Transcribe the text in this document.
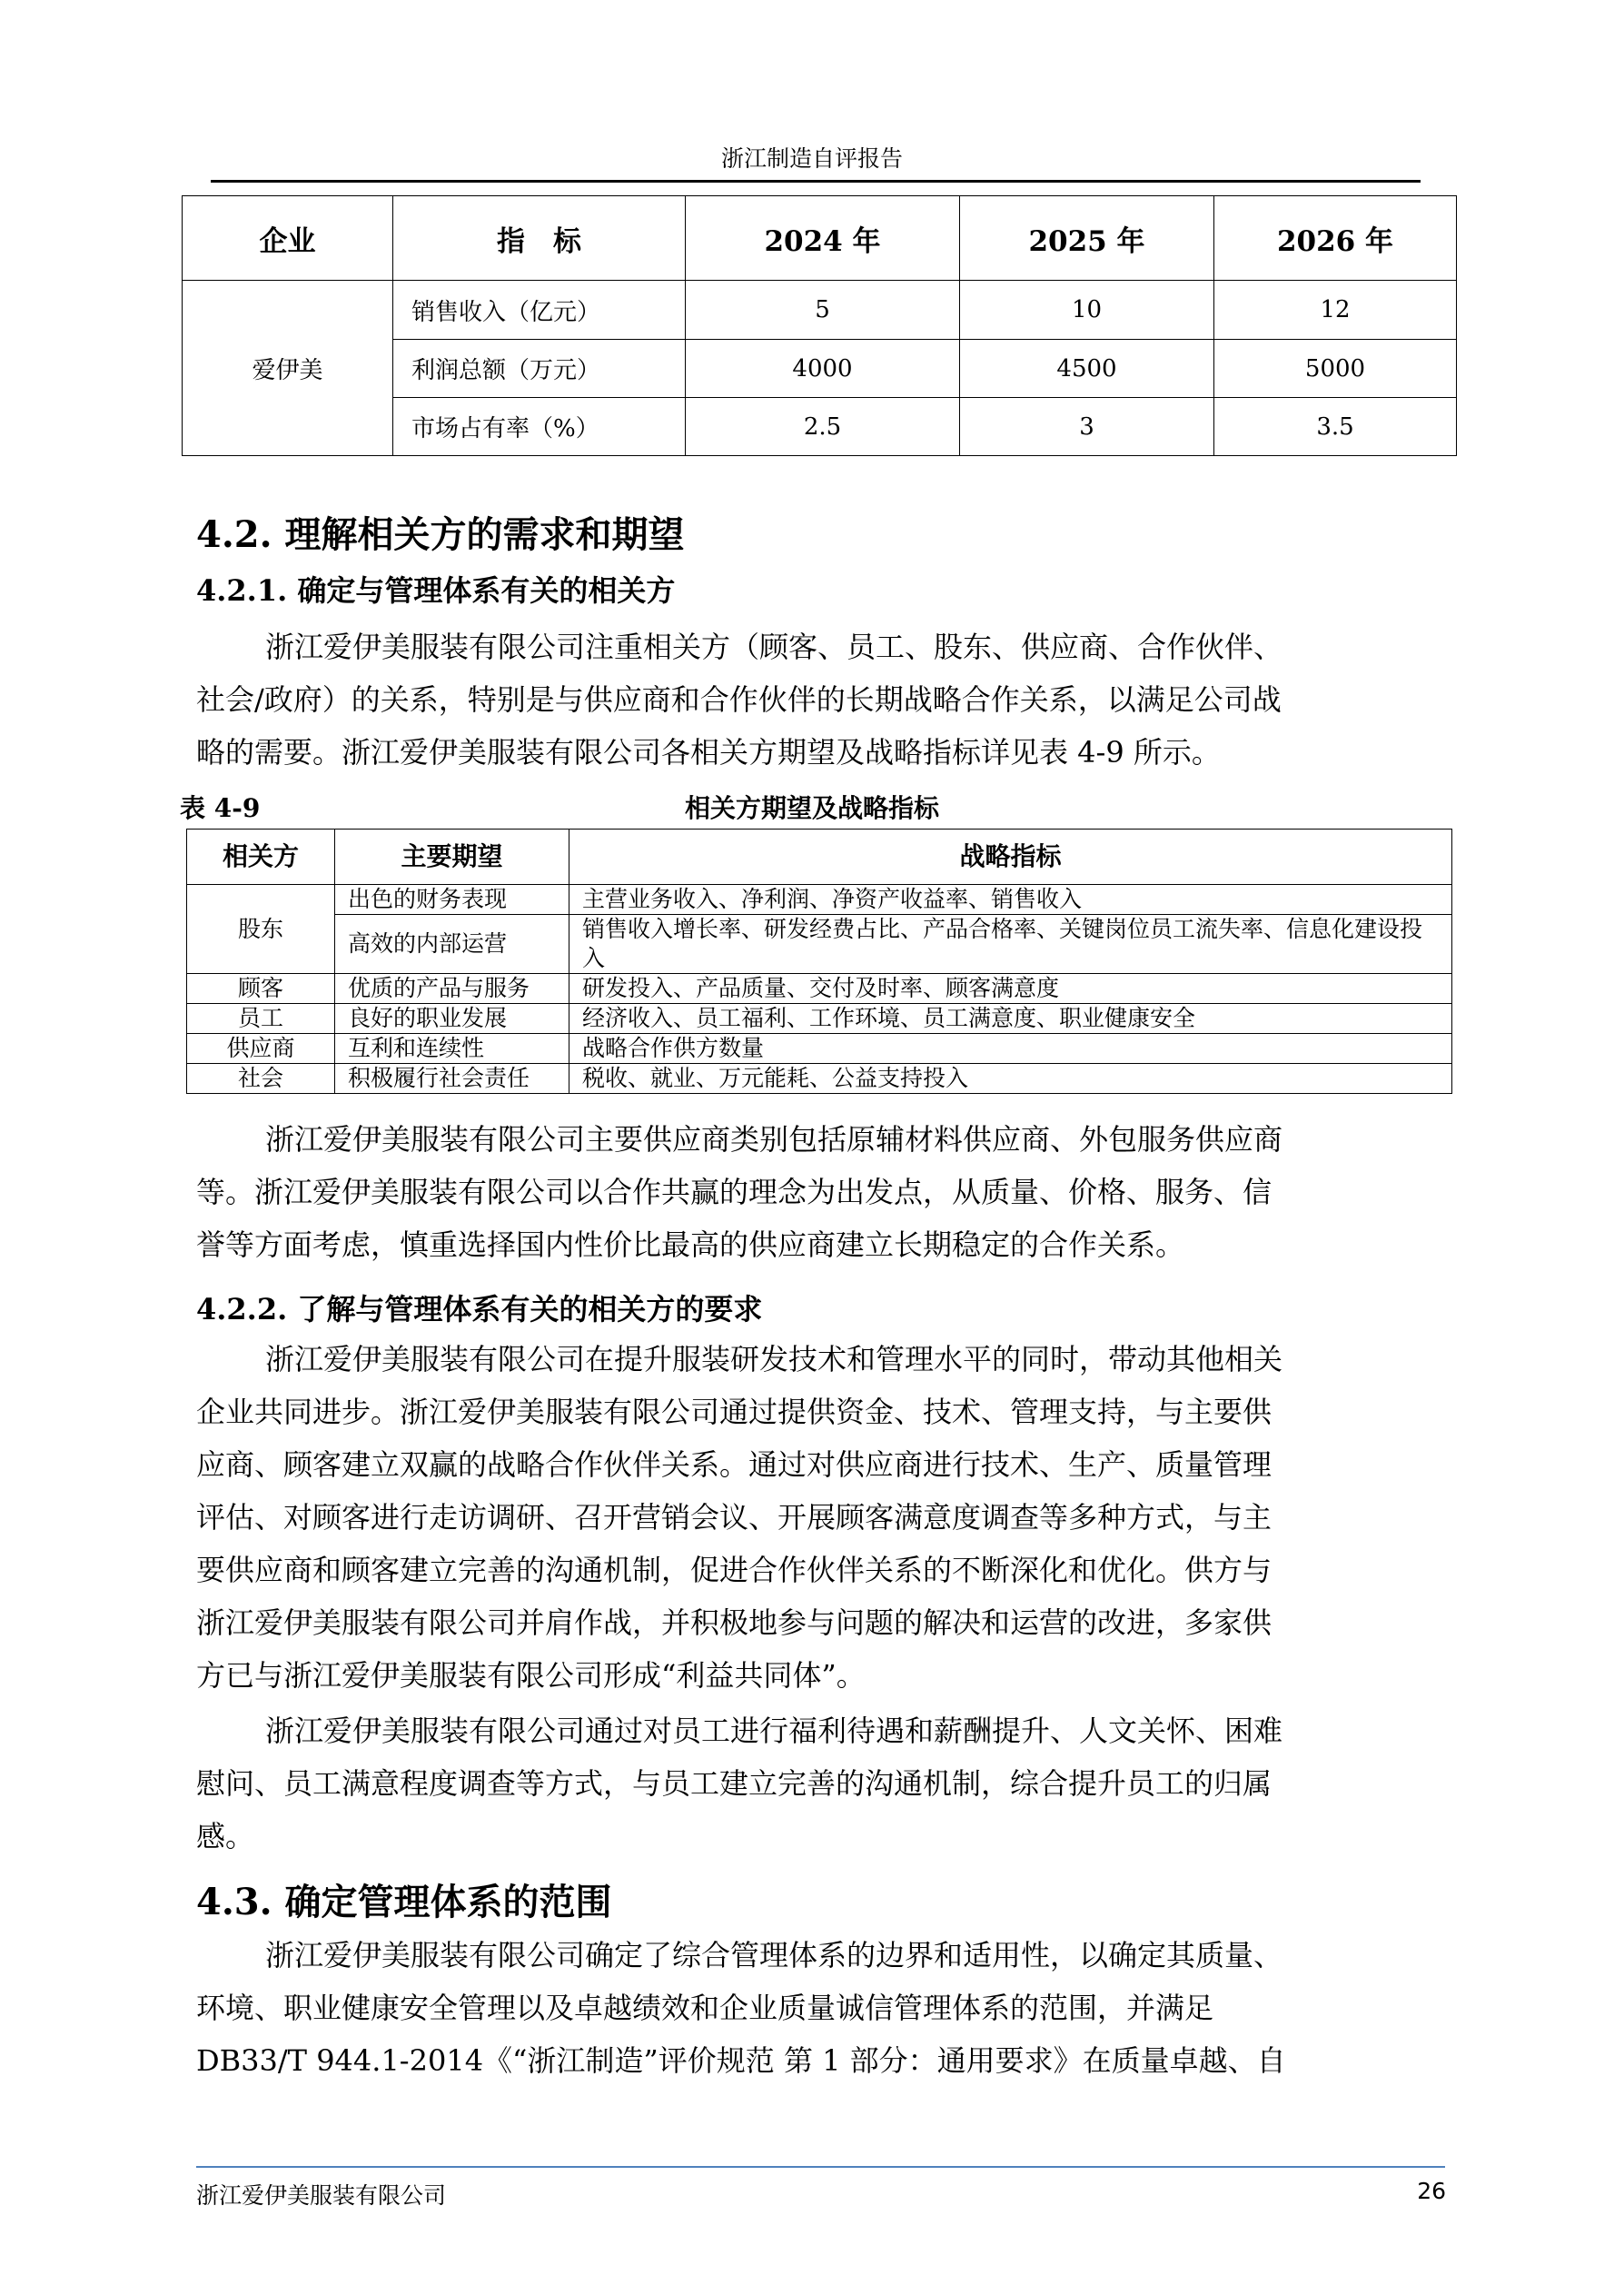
浙江制造自评报告
企业	指　标	2024 年	2025 年	2026 年
爱伊美	销售收入（亿元）	5	10	12
	利润总额（万元）	4000	4500	5000
	市场占有率（%）	2.5	3	3.5
4.2. 理解相关方的需求和期望
4.2.1. 确定与管理体系有关的相关方
浙江爱伊美服装有限公司注重相关方（顾客、员工、股东、供应商、合作伙伴、
社会/政府）的关系，特别是与供应商和合作伙伴的长期战略合作关系，以满足公司战
略的需要。浙江爱伊美服装有限公司各相关方期望及战略指标详见表 4-9 所示。
表 4-9	相关方期望及战略指标
相关方	主要期望	战略指标
股东	出色的财务表现	主营业务收入、净利润、净资产收益率、销售收入
	高效的内部运营	销售收入增长率、研发经费占比、产品合格率、关键岗位员工流失率、信息化建设投入
顾客	优质的产品与服务	研发投入、产品质量、交付及时率、顾客满意度
员工	良好的职业发展	经济收入、员工福利、工作环境、员工满意度、职业健康安全
供应商	互利和连续性	战略合作供方数量
社会	积极履行社会责任	税收、就业、万元能耗、公益支持投入
浙江爱伊美服装有限公司主要供应商类别包括原辅材料供应商、外包服务供应商
等。浙江爱伊美服装有限公司以合作共赢的理念为出发点，从质量、价格、服务、信
誉等方面考虑，慎重选择国内性价比最高的供应商建立长期稳定的合作关系。
4.2.2. 了解与管理体系有关的相关方的要求
浙江爱伊美服装有限公司在提升服装研发技术和管理水平的同时，带动其他相关
企业共同进步。浙江爱伊美服装有限公司通过提供资金、技术、管理支持，与主要供
应商、顾客建立双赢的战略合作伙伴关系。通过对供应商进行技术、生产、质量管理
评估、对顾客进行走访调研、召开营销会议、开展顾客满意度调查等多种方式，与主
要供应商和顾客建立完善的沟通机制，促进合作伙伴关系的不断深化和优化。供方与
浙江爱伊美服装有限公司并肩作战，并积极地参与问题的解决和运营的改进，多家供
方已与浙江爱伊美服装有限公司形成“利益共同体”。
浙江爱伊美服装有限公司通过对员工进行福利待遇和薪酬提升、人文关怀、困难
慰问、员工满意程度调查等方式，与员工建立完善的沟通机制，综合提升员工的归属
感。
4.3. 确定管理体系的范围
浙江爱伊美服装有限公司确定了综合管理体系的边界和适用性，以确定其质量、
环境、职业健康安全管理以及卓越绩效和企业质量诚信管理体系的范围，并满足
DB33/T 944.1-2014《“浙江制造”评价规范 第 1 部分：通用要求》在质量卓越、自
浙江爱伊美服装有限公司	26
